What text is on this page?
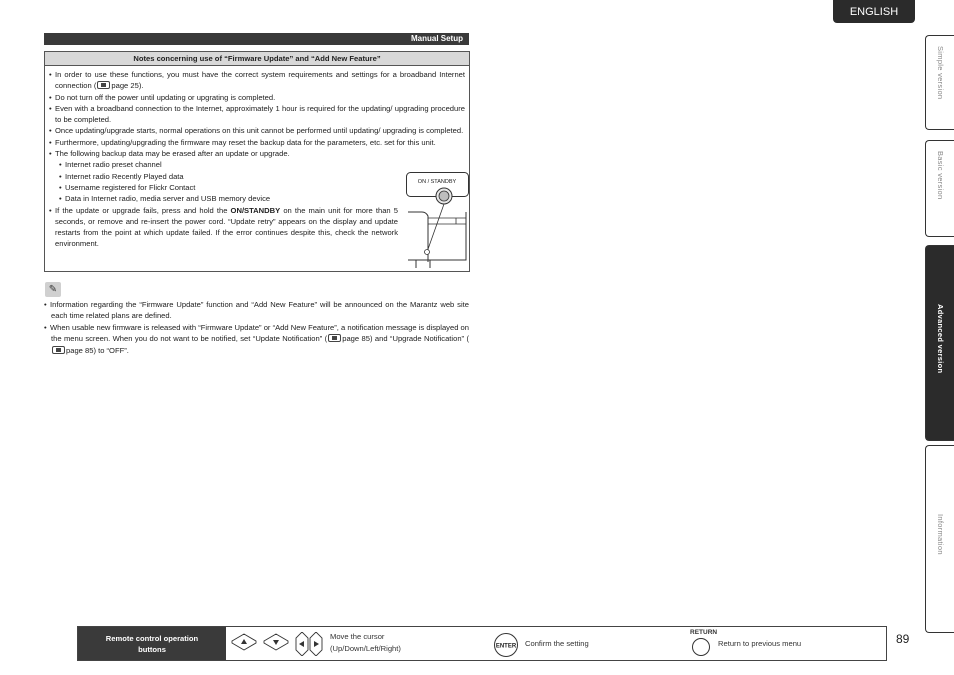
ENGLISH
Manual Setup
Notes concerning use of “Firmware Update” and “Add New Feature”
• In order to use these functions, you must have the correct system requirements and settings for a broadband Internet connection ( page 25).
• Do not turn off the power until updating or upgrating is completed.
• Even with a broadband connection to the Internet, approximately 1 hour is required for the updating/ upgrading procedure to be completed.
• Once updating/upgrade starts, normal operations on this unit cannot be performed until updating/ upgrading is completed.
• Furthermore, updating/upgrading the firmware may reset the backup data for the parameters, etc. set for this unit.
• The following backup data may be erased after an update or upgrade.
• Internet radio preset channel
• Internet radio Recently Played data
• Username registered for Flickr Contact
• Data in Internet radio, media server and USB memory device
• If the update or upgrade fails, press and hold the ON/STANDBY on the main unit for more than 5 seconds, or remove and re-insert the power cord. “Update retry” appears on the display and update restarts from the point at which update failed. If the error continues despite this, check the network environment.
ON / STANDBY
✎
• Information regarding the “Firmware Update” function and “Add New Feature” will be announced on the Marantz web site each time related plans are defined.
• When usable new firmware is released with “Firmware Update” or “Add New Feature”, a notification message is displayed on the menu screen. When you do not want to be notified, set “Update Notification” ( page 85) and “Upgrade Notification” (page 85) to “OFF”.
Simple version
Basic version
Advanced version
Information
89
Remote control operation
buttons
Move the cursor
(Up/Down/Left/Right)	ENTER Confirm the setting
RETURN
Return to previous menu
